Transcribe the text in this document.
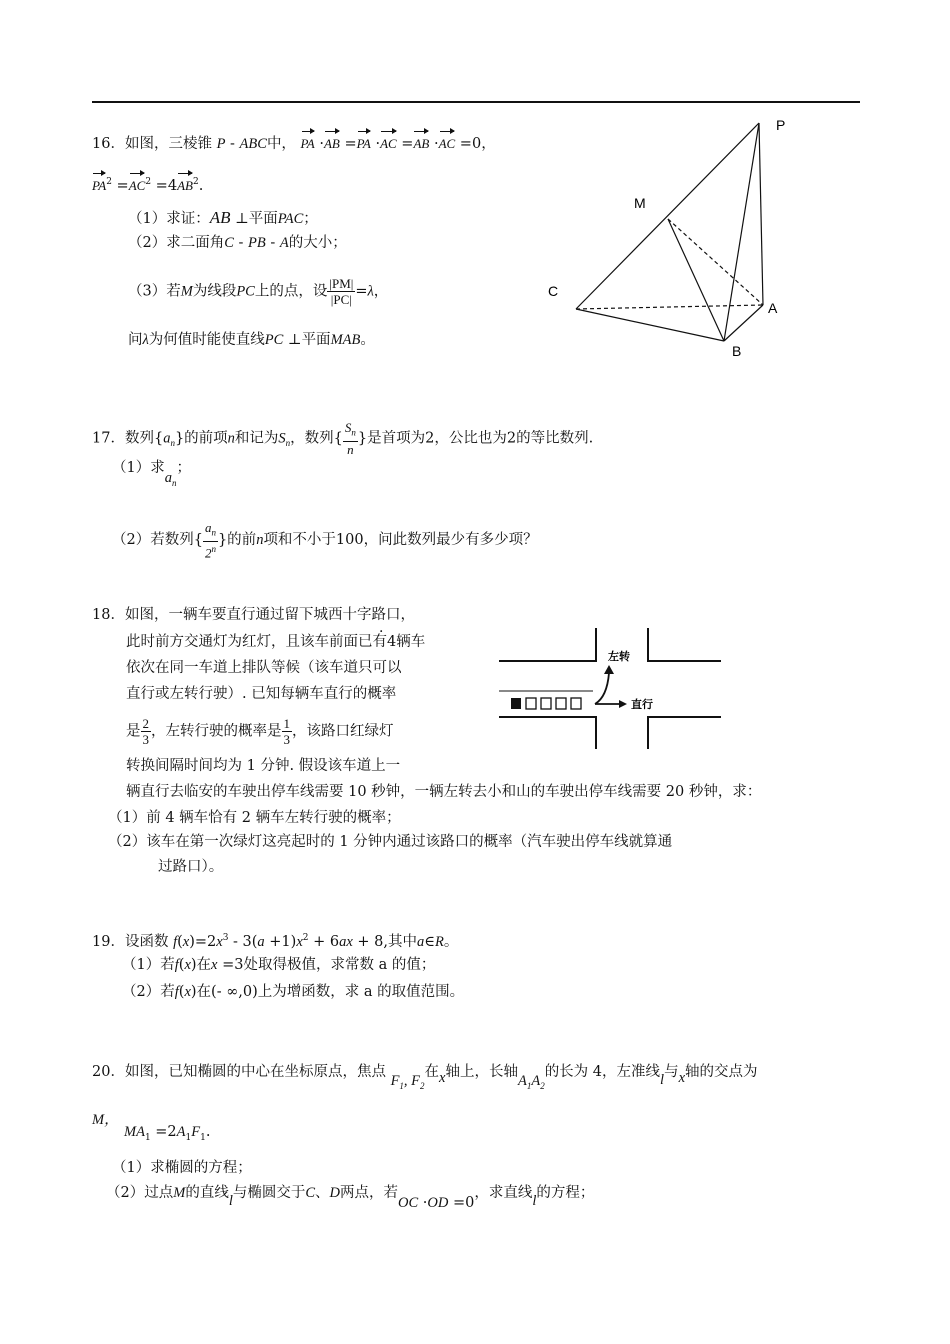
16．如图，三棱锥 P - ABC中， PA ·AB =PA ·AC =AB ·AC =0，
$PA^2 =AC^2 =4AB^2$.
（1）求证：AB ⊥平面PAC；
（2）求二面角C - PB - A的大小；
（3）若M为线段PC上的点，设 $\frac{|PM|}{|PC|} =\lambda$，
问λ为何值时能使直线PC ⊥平面MAB。
P
M
C
A
B
17．数列$\{a_n\}$的前项n和记为$S_n$，数列{ $\frac{S_n}{n}$ }是首项为2，公比也为2的等比数列.
（1）求$a_n$；
（2）若数列{ $\frac{a_n}{2^n}$ }的前n项和不小于100，问此数列最少有多少项？
18．如图，一辆车要直行通过留下城西十字路口，
此时前方交通灯为红灯，且该车前面已有4辆车
依次在同一车道上排队等候（该车道只可以
直行或左转行驶）. 已知每辆车直行的概率
是 $\frac{2}{3}$ ，左转行驶的概率是 $\frac{1}{3}$ ，该路口红绿灯
转换间隔时间均为 1 分钟. 假设该车道上一
辆直行去临安的车驶出停车线需要 10 秒钟，一辆左转去小和山的车驶出停车线需要 20 秒钟，求：
（1）前 4 辆车恰有 2 辆车左转行驶的概率；
（2）该车在第一次绿灯这亮起时的 1 分钟内通过该路口的概率（汽车驶出停车线就算通
过路口）。
左转
直行
19．设函数 $f(x)=2x^3 - 3(a +1)x^2 + 6ax + 8$,其中a∈R。
（1）若f(x)在x =3处取得极值，求常数 a 的值；
（2）若f(x)在(- ∞,0)上为增函数，求 a 的取值范围。
20．如图，已知椭圆的中心在坐标原点，焦点 $F_1$, $F_2$在x轴上，长轴$A_1A_2$的长为 4，左准线l与x轴的交点为
M，
$MA_1 =2A_1F_1$.
（1）求椭圆的方程；
（2）过点M的直线l与椭圆交于C、D两点，若OC ·OD =0，求直线l的方程；
